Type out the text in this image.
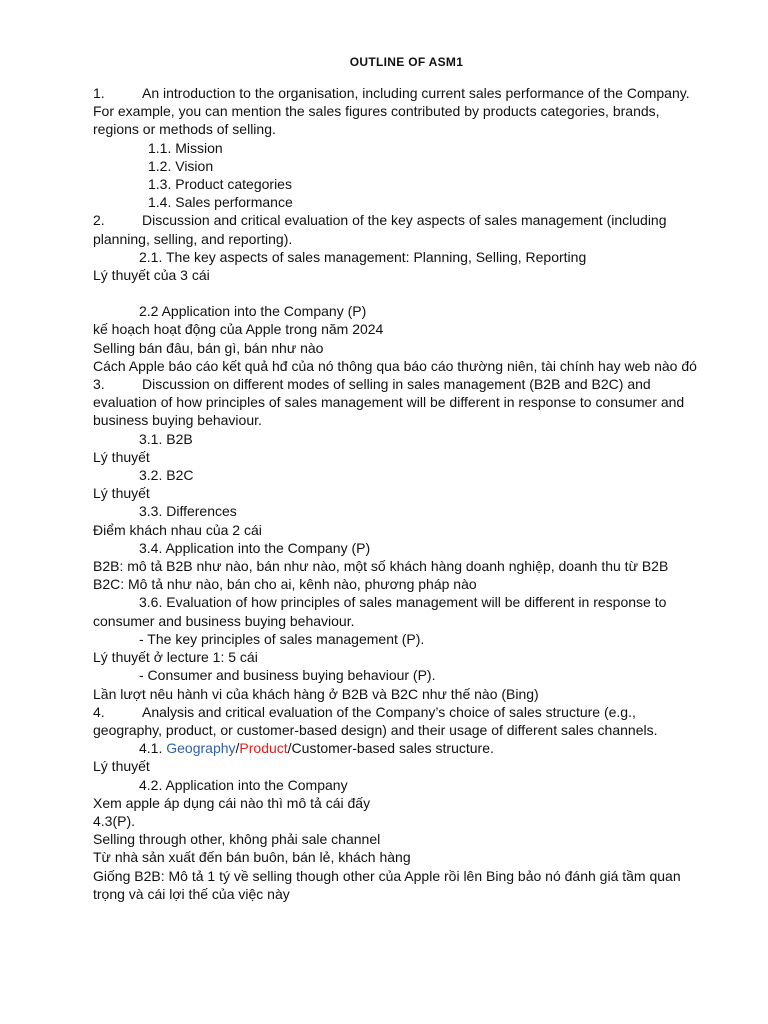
OUTLINE OF ASM1

1.	An introduction to the organisation, including current sales performance of the Company. For example, you can mention the sales figures contributed by products categories, brands, regions or methods of selling.

1.1. Mission

1.2. Vision

1.3. Product categories

1.4. Sales performance

2.	Discussion and critical evaluation of the key aspects of sales management (including planning, selling, and reporting).

2.1. The key aspects of sales management: Planning, Selling, Reporting

Lý thuyết của 3 cái

2.2 Application into the Company (P)

kế hoạch hoạt động của Apple trong năm 2024

Selling bán đâu, bán gì, bán như nào

Cách Apple báo cáo kết quả hđ của nó thông qua báo cáo thường niên, tài chính hay web nào đó

3.	Discussion on different modes of selling in sales management (B2B and B2C) and evaluation of how principles of sales management will be different in response to consumer and business buying behaviour.

3.1. B2B

Lý thuyết

3.2. B2C

Lý thuyết

3.3. Differences

Điểm khách nhau của 2 cái

3.4. Application into the Company (P)

B2B: mô tả B2B như nào, bán như nào, một số khách hàng doanh nghiệp, doanh thu từ B2B

B2C: Mô tả như nào, bán cho ai, kênh nào, phương pháp nào

3.6. Evaluation of how principles of sales management will be different in response to consumer and business buying behaviour.

- The key principles of sales management (P).

Lý thuyết ở lecture 1: 5 cái

- Consumer and business buying behaviour (P).

Lần lượt nêu hành vi của khách hàng ở B2B và B2C như thế nào (Bing)

4.	Analysis and critical evaluation of the Company’s choice of sales structure (e.g., geography, product, or customer-based design) and their usage of different sales channels.

4.1. Geography/Product/Customer-based sales structure.

Lý thuyết

4.2. Application into the Company

Xem apple áp dụng cái nào thì mô tả cái đấy

4.3(P).

Selling through other, không phải sale channel

Từ nhà sản xuất đến bán buôn, bán lẻ, khách hàng

Giống B2B: Mô tả 1 tý về selling though other của Apple rồi lên Bing bảo nó đánh giá tầm quan trọng và cái lợi thế của việc này
